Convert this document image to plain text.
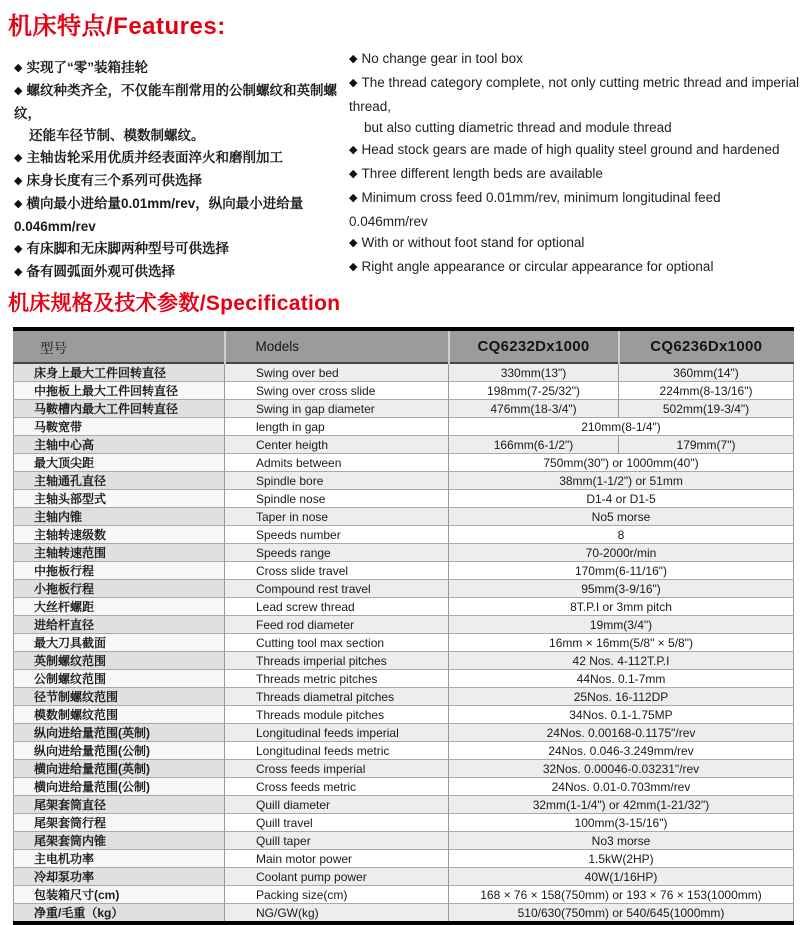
机床特点/Features:
◆ 实现了“零”装箱挂轮
◆ 螺纹种类齐全，不仅能车削常用的公制螺纹和英制螺纹，
还能车径节制、模数制螺纹。
◆ 主轴齿轮采用优质并经表面淬火和磨削加工
◆ 床身长度有三个系列可供选择
◆ 横向最小进给量0.01mm/rev，纵向最小进给量0.046mm/rev
◆ 有床脚和无床脚两种型号可供选择
◆ 备有圆弧面外观可供选择
◆ No change gear in tool box
◆ The thread category complete, not only cutting metric thread and imperial thread,
but also cutting diametric thread and module thread
◆ Head stock gears are made of high quality steel ground and hardened
◆ Three different length beds are available
◆ Minimum cross feed 0.01mm/rev, minimum longitudinal feed 0.046mm/rev
◆ With or without foot stand for optional
◆ Right angle appearance or circular appearance for optional
机床规格及技术参数/Specification
型号	Models	CQ6232Dx1000	CQ6236Dx1000
床身上最大工件回转直径	Swing over bed	330mm(13")	360mm(14")
中拖板上最大工件回转直径	Swing over cross slide	198mm(7-25/32")	224mm(8-13/16")
马鞍槽内最大工件回转直径	Swing in gap diameter	476mm(18-3/4")	502mm(19-3/4")
马鞍宽带	length in gap	210mm(8-1/4")	
主轴中心高	Center heigth	166mm(6-1/2")	179mm(7")
最大顶尖距	Admits between	750mm(30") or 1000mm(40")	
主轴通孔直径	Spindle bore	38mm(1-1/2") or 51mm	
主轴头部型式	Spindle nose	D1-4 or D1-5	
主轴内锥	Taper in nose	No5 morse	
主轴转速级数	Speeds number	8	
主轴转速范围	Speeds range	70-2000r/min	
中拖板行程	Cross slide travel	170mm(6-11/16")	
小拖板行程	Compound rest travel	95mm(3-9/16")	
大丝杆螺距	Lead screw thread	8T.P.I or 3mm pitch	
进给杆直径	Feed rod diameter	19mm(3/4")	
最大刀具截面	Cutting tool max section	16mm × 16mm(5/8" × 5/8")	
英制螺纹范围	Threads imperial pitches	42 Nos. 4-112T.P.I	
公制螺纹范围	Threads metric pitches	44Nos. 0.1-7mm	
径节制螺纹范围	Threads diametral pitches	25Nos. 16-112DP	
模数制螺纹范围	Threads module pitches	34Nos. 0.1-1.75MP	
纵向进给量范围(英制)	Longitudinal feeds imperial	24Nos. 0.00168-0.1175"/rev	
纵向进给量范围(公制)	Longitudinal feeds metric	24Nos. 0.046-3.249mm/rev	
横向进给量范围(英制)	Cross feeds imperial	32Nos. 0.00046-0.03231"/rev	
横向进给量范围(公制)	Cross feeds metric	24Nos. 0.01-0.703mm/rev	
尾架套筒直径	Quill diameter	32mm(1-1/4") or 42mm(1-21/32")	
尾架套筒行程	Quill travel	100mm(3-15/16")	
尾架套筒内锥	Quill taper	No3 morse	
主电机功率	Main motor power	1.5kW(2HP)	
冷却泵功率	Coolant pump power	40W(1/16HP)	
包装箱尺寸(cm)	Packing size(cm)	168 × 76 × 158(750mm) or 193 × 76 × 153(1000mm)	
净重/毛重（kg）	NG/GW(kg)	510/630(750mm) or 540/645(1000mm)	
